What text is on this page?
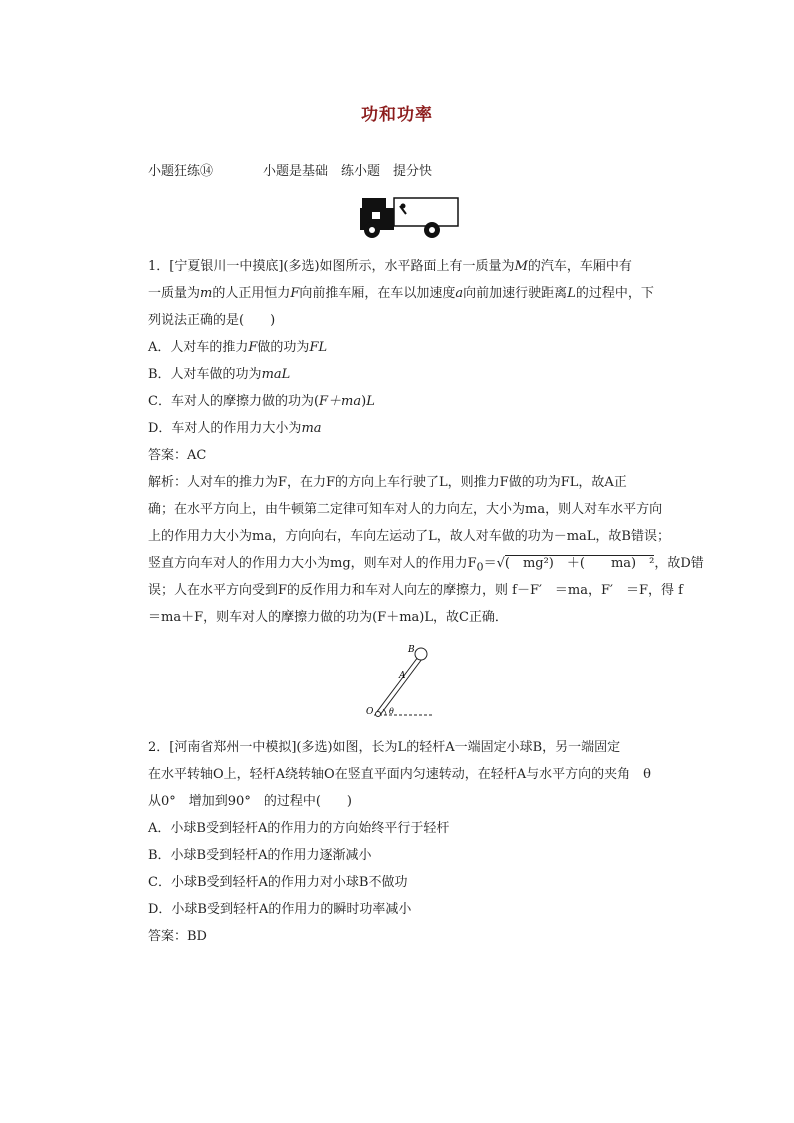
功和功率
小题狂练⑭	小题是基础　练小题　提分快
1．[宁夏银川一中摸底](多选)如图所示，水平路面上有一质量为M的汽车，车厢中有
一质量为m的人正用恒力F向前推车厢，在车以加速度a向前加速行驶距离L的过程中，下
列说法正确的是(　　)
A．人对车的推力F做的功为FL
B．人对车做的功为maL
C．车对人的摩擦力做的功为(F＋ma)L
D．车对人的作用力大小为ma
答案：AC
解析：人对车的推力为F，在力F的方向上车行驶了L，则推力F做的功为FL，故A正
确；在水平方向上，由牛顿第二定律可知车对人的力向左，大小为ma，则人对车水平方向
上的作用力大小为ma，方向向右，车向左运动了L，故人对车做的功为－maL，故B错误；
竖直方向车对人的作用力大小为mg，则车对人的作用力$F_0=√$(　mg²)　＋(　　ma)　²，故D错
误；人在水平方向受到F的反作用力和车对人向左的摩擦力，则 f－F′　＝ma，F′　＝F，得 f
＝ma＋F，则车对人的摩擦力做的功为(F＋ma)L，故C正确．
B
A
O θ
2．[河南省郑州一中模拟](多选)如图，长为L的轻杆A一端固定小球B，另一端固定
在水平转轴O上，轻杆A绕转轴O在竖直平面内匀速转动，在轻杆A与水平方向的夹角　θ
从0°　增加到90°　的过程中(　　)
A．小球B受到轻杆A的作用力的方向始终平行于轻杆
B．小球B受到轻杆A的作用力逐渐减小
C．小球B受到轻杆A的作用力对小球B不做功
D．小球B受到轻杆A的作用力的瞬时功率减小
答案：BD
